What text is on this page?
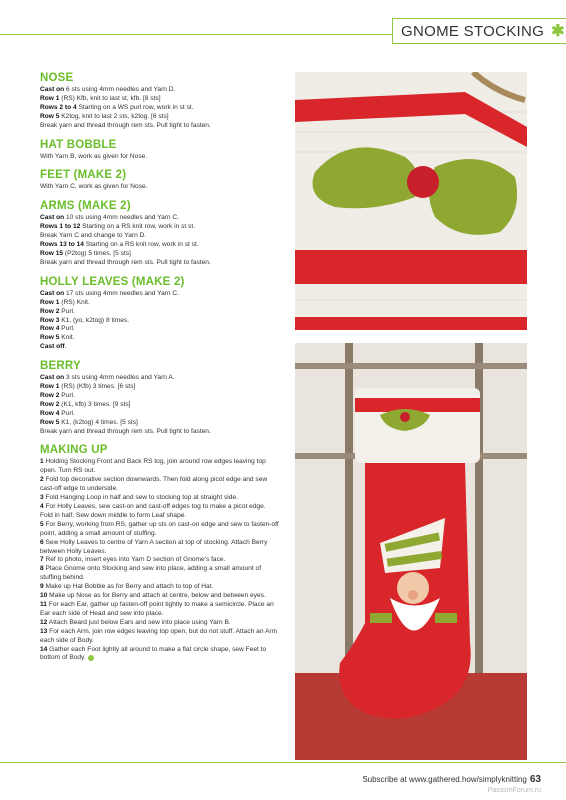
GNOME STOCKING ✱
NOSE
Cast on 6 sts using 4mm needles and Yarn D.
Row 1 (RS) Kfb, knit to last st, kfb. [8 sts]
Rows 2 to 4 Starting on a WS purl row, work in st st.
Row 5 K2tog, knit to last 2 sts, k2tog. [6 sts]
Break yarn and thread through rem sts. Pull tight to fasten.
HAT BOBBLE
With Yarn B, work as given for Nose.
FEET (MAKE 2)
With Yarn C, work as given for Nose.
ARMS (MAKE 2)
Cast on 10 sts using 4mm needles and Yarn C.
Rows 1 to 12 Starting on a RS knit row, work in st st.
Break Yarn C and change to Yarn D.
Rows 13 to 14 Starting on a RS knit row, work in st st.
Row 15 (P2tog) 5 times. [5 sts]
Break yarn and thread through rem sts. Pull tight to fasten.
HOLLY LEAVES (MAKE 2)
Cast on 17 sts using 4mm needles and Yarn C.
Row 1 (RS) Knit.
Row 2 Purl.
Row 3 K1, (yo, k2tog) 8 times.
Row 4 Purl.
Row 5 Knit.
Cast off.
BERRY
Cast on 3 sts using 4mm needles and Yarn A.
Row 1 (RS) (Kfb) 3 times. [6 sts]
Row 2 Purl.
Row 2 (K1, kfb) 3 times. [9 sts]
Row 4 Purl.
Row 5 K1, (k2tog) 4 times. [5 sts]
Break yarn and thread through rem sts. Pull tight to fasten.
MAKING UP
1 Holding Stocking Front and Back RS tog, join around row edges leaving top open. Turn RS out.
2 Fold top decorative section downwards. Then fold along picot edge and sew cast-off edge to underside.
3 Fold Hanging Loop in half and sew to stocking top at straight side.
4 For Holly Leaves, sew cast-on and cast-off edges tog to make a picot edge. Fold in half. Sew down middle to form Leaf shape.
5 For Berry, working from RS, gather up sts on cast-on edge and sew to fasten-off point, adding a small amount of stuffing.
6 Sew Holly Leaves to centre of Yarn A section at top of stocking. Attach Berry between Holly Leaves.
7 Ref to photo, insert eyes into Yarn D section of Gnome's face.
8 Place Gnome onto Stocking and sew into place, adding a small amount of stuffing behind.
9 Make up Hat Bobble as for Berry and attach to top of Hat.
10 Make up Nose as for Berry and attach at centre, below and between eyes.
11 For each Ear, gather up fasten-off point tightly to make a semicircle. Place an Ear each side of Head and sew into place.
12 Attach Beard just below Ears and sew into place using Yarn B.
13 For each Arm, join row edges leaving top open, but do not stuff. Attach an Arm each side of Body.
14 Gather each Foot lightly all around to make a flat circle shape, sew Feet to bottom of Body.
Subscribe at www.gathered.how/simplyknitting 63
PassionForum.ru
